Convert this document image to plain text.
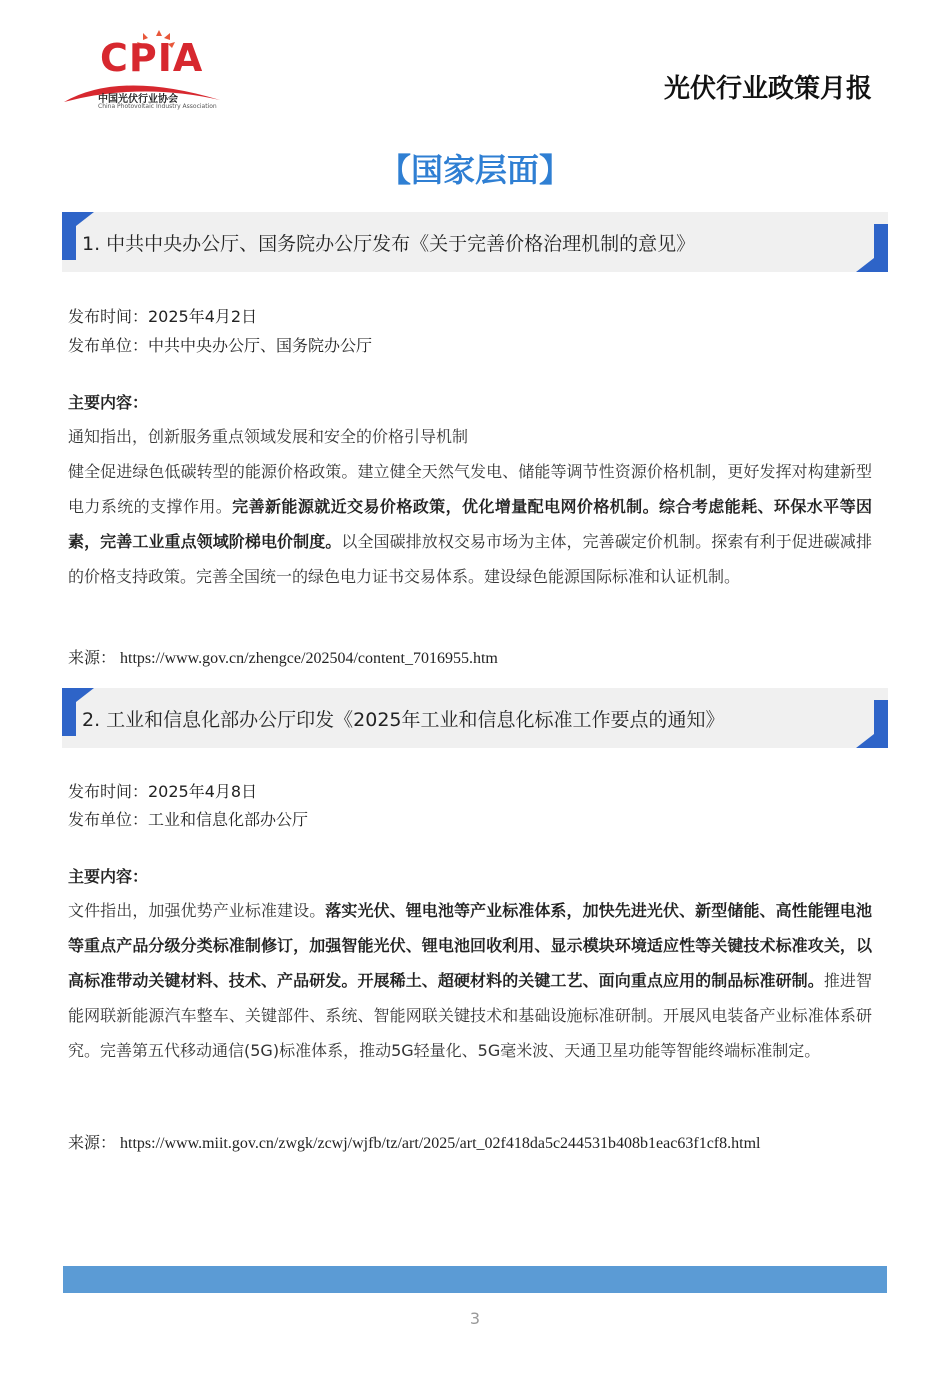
CPIA
中国光伏行业协会
China Photovoltaic Industry Association
光伏行业政策月报
【国家层面】
1. 中共中央办公厅、国务院办公厅发布《关于完善价格治理机制的意见》
发布时间：2025年4月2日
发布单位：中共中央办公厅、国务院办公厅
主要内容：

通知指出，创新服务重点领域发展和安全的价格引导机制

健全促进绿色低碳转型的能源价格政策。建立健全天然气发电、储能等调节性资源价格机制，更好发挥对构建新型电力系统的支撑作用。完善新能源就近交易价格政策，优化增量配电网价格机制。综合考虑能耗、环保水平等因素，完善工业重点领域阶梯电价制度。以全国碳排放权交易市场为主体，完善碳定价机制。探索有利于促进碳减排的价格支持政策。完善全国统一的绿色电力证书交易体系。建设绿色能源国际标准和认证机制。

来源： https://www.gov.cn/zhengce/202504/content_7016955.htm
2. 工业和信息化部办公厅印发《2025年工业和信息化标准工作要点的通知》
发布时间：2025年4月8日
发布单位：工业和信息化部办公厅
主要内容：

文件指出，加强优势产业标准建设。落实光伏、锂电池等产业标准体系，加快先进光伏、新型储能、高性能锂电池等重点产品分级分类标准制修订，加强智能光伏、锂电池回收利用、显示模块环境适应性等关键技术标准攻关，以高标准带动关键材料、技术、产品研发。开展稀土、超硬材料的关键工艺、面向重点应用的制品标准研制。推进智能网联新能源汽车整车、关键部件、系统、智能网联关键技术和基础设施标准研制。开展风电装备产业标准体系研究。完善第五代移动通信(5G)标准体系，推动5G轻量化、5G毫米波、天通卫星功能等智能终端标准制定。

来源： https://www.miit.gov.cn/zwgk/zcwj/wjfb/tz/art/2025/art_02f418da5c244531b408b1eac63f1cf8.html
3
